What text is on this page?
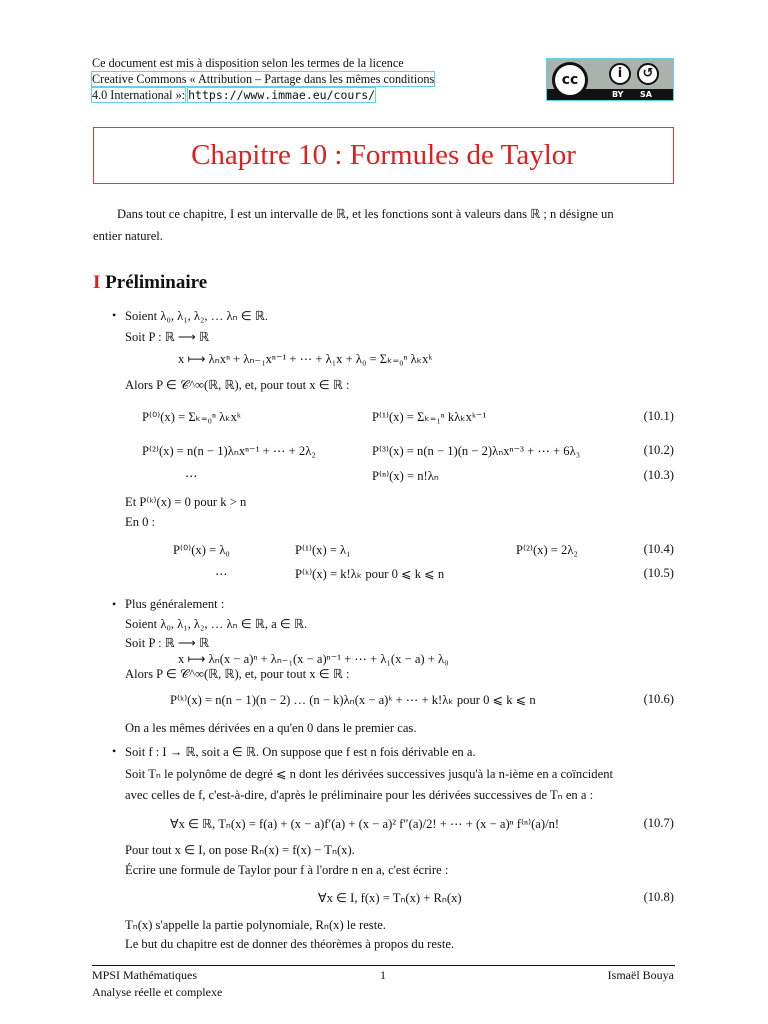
Ce document est mis à disposition selon les termes de la licence
Creative Commons « Attribution – Partage dans les mêmes conditions
4.0 International »: https://www.immae.eu/cours/
cc	i	↺
BY SA
Chapitre 10 : Formules de Taylor
Dans tout ce chapitre, I est un intervalle de ℝ, et les fonctions sont à valeurs dans ℝ ; n désigne un
entier naturel.
I Préliminaire
• Soient λ₀, λ₁, λ₂, … λₙ ∈ ℝ.
Soit P : ℝ ⟶ ℝ
x ⟼ λₙxⁿ + λₙ₋₁xⁿ⁻¹ + ⋯ + λ₁x + λ₀ = Σₖ₌₀ⁿ λₖxᵏ
Alors P ∈ 𝒞^∞(ℝ, ℝ), et, pour tout x ∈ ℝ :
P⁽⁰⁾(x) = Σₖ₌₀ⁿ λₖxᵏ	P⁽¹⁾(x) = Σₖ₌₁ⁿ kλₖxᵏ⁻¹	(10.1)
P⁽²⁾(x) = n(n − 1)λₙxⁿ⁻¹ + ⋯ + 2λ₂	P⁽³⁾(x) = n(n − 1)(n − 2)λₙxⁿ⁻³ + ⋯ + 6λ₃	(10.2)
⋯	P⁽ⁿ⁾(x) = n!λₙ	(10.3)
Et P⁽ᵏ⁾(x) = 0 pour k > n
En 0 :
P⁽⁰⁾(x) = λ₀	P⁽¹⁾(x) = λ₁	P⁽²⁾(x) = 2λ₂	(10.4)
⋯	P⁽ᵏ⁾(x) = k!λₖ pour 0 ⩽ k ⩽ n	(10.5)
• Plus généralement :
Soient λ₀, λ₁, λ₂, … λₙ ∈ ℝ, a ∈ ℝ.
Soit P : ℝ ⟶ ℝ
x ⟼ λₙ(x − a)ⁿ + λₙ₋₁(x − a)ⁿ⁻¹ + ⋯ + λ₁(x − a) + λ₀
Alors P ∈ 𝒞^∞(ℝ, ℝ), et, pour tout x ∈ ℝ :
P⁽ᵏ⁾(x) = n(n − 1)(n − 2) … (n − k)λₙ(x − a)ᵏ + ⋯ + k!λₖ pour 0 ⩽ k ⩽ n	(10.6)
On a les mêmes dérivées en a qu'en 0 dans le premier cas.
• Soit f : I → ℝ, soit a ∈ ℝ. On suppose que f est n fois dérivable en a.
Soit Tₙ le polynôme de degré ⩽ n dont les dérivées successives jusqu'à la n-ième en a coïncident
avec celles de f, c'est-à-dire, d'après le préliminaire pour les dérivées successives de Tₙ en a :
∀x ∈ ℝ, Tₙ(x) = f(a) + (x − a)f′(a) + (x − a)² f″(a)/2! + ⋯ + (x − a)ⁿ f⁽ⁿ⁾(a)/n!	(10.7)
Pour tout x ∈ I, on pose Rₙ(x) = f(x) − Tₙ(x).
Écrire une formule de Taylor pour f à l'ordre n en a, c'est écrire :
∀x ∈ I, f(x) = Tₙ(x) + Rₙ(x)	(10.8)
Tₙ(x) s'appelle la partie polynomiale, Rₙ(x) le reste.
Le but du chapitre est de donner des théorèmes à propos du reste.
MPSI Mathématiques
Analyse réelle et complexe
1	Ismaël Bouya
